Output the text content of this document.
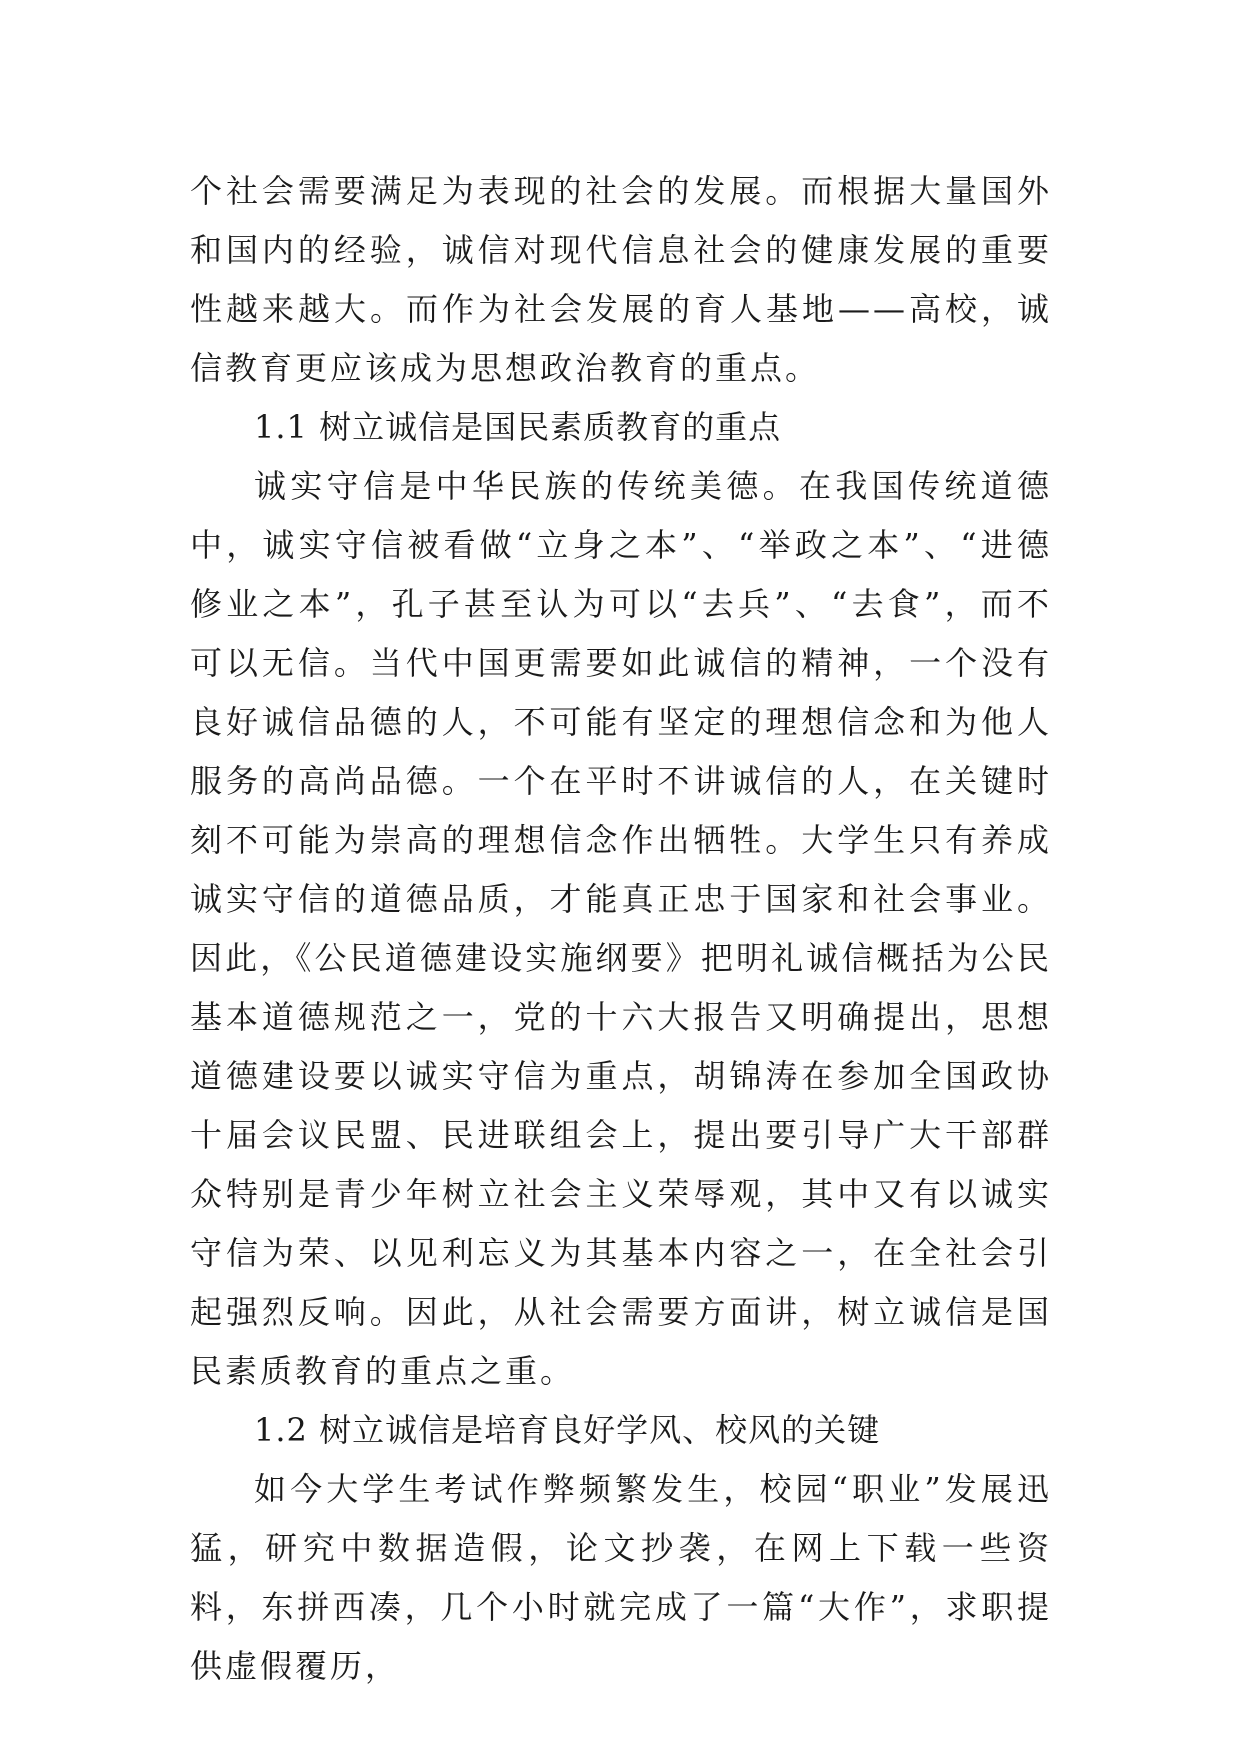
个社会需要满足为表现的社会的发展。而根据大量国外和国内的经验，诚信对现代信息社会的健康发展的重要性越来越大。而作为社会发展的育人基地——高校，诚信教育更应该成为思想政治教育的重点。

1.1 树立诚信是国民素质教育的重点

诚实守信是中华民族的传统美德。在我国传统道德中，诚实守信被看做“立身之本”、“举政之本”、“进德修业之本”，孔子甚至认为可以“去兵”、“去食”，而不可以无信。当代中国更需要如此诚信的精神，一个没有良好诚信品德的人，不可能有坚定的理想信念和为他人服务的高尚品德。一个在平时不讲诚信的人，在关键时刻不可能为崇高的理想信念作出牺牲。大学生只有养成诚实守信的道德品质，才能真正忠于国家和社会事业。因此，《公民道德建设实施纲要》把明礼诚信概括为公民基本道德规范之一，党的十六大报告又明确提出，思想道德建设要以诚实守信为重点，胡锦涛在参加全国政协十届会议民盟、民进联组会上，提出要引导广大干部群众特别是青少年树立社会主义荣辱观，其中又有以诚实守信为荣、以见利忘义为其基本内容之一，在全社会引起强烈反响。因此，从社会需要方面讲，树立诚信是国民素质教育的重点之重。

1.2 树立诚信是培育良好学风、校风的关键

如今大学生考试作弊频繁发生，校园“职业”发展迅猛，研究中数据造假，论文抄袭，在网上下载一些资料，东拼西凑，几个小时就完成了一篇“大作”，求职提供虚假覆历，
